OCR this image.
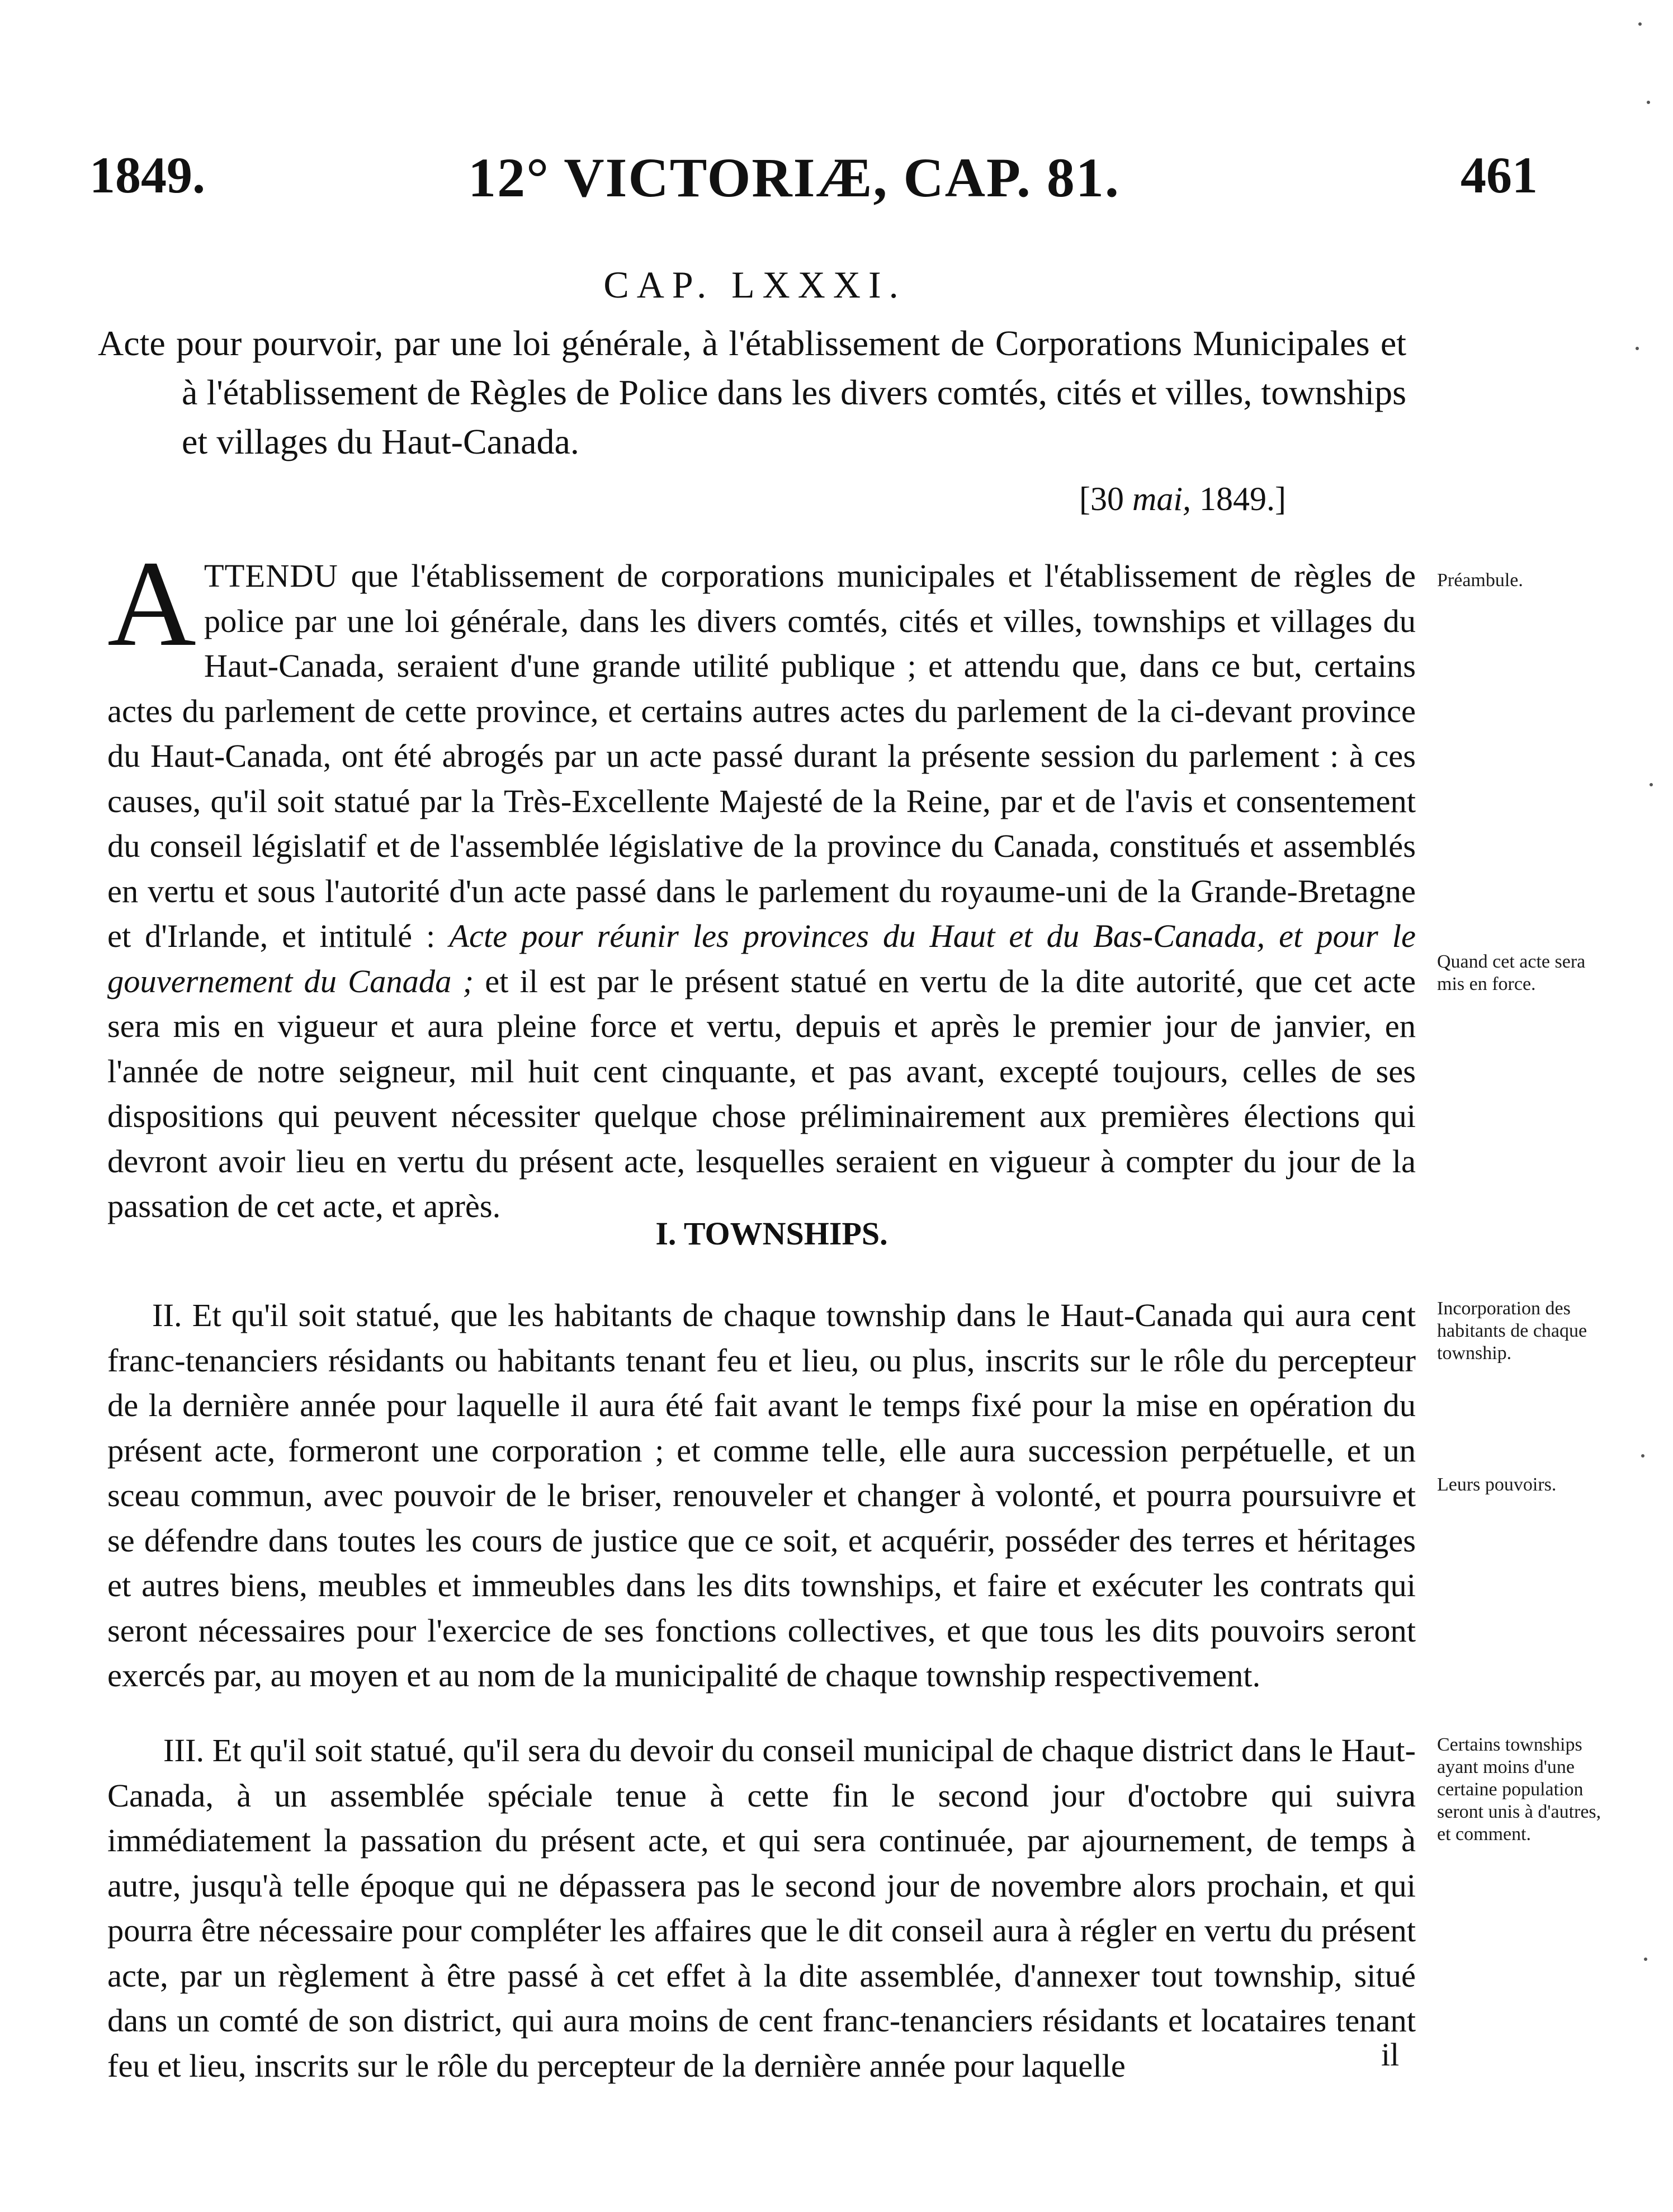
1849.	12° VICTORIÆ, CAP. 81.	461
CAP. LXXXI.
Acte pour pourvoir, par une loi générale, à l'établissement de Corporations Municipales et à l'établissement de Règles de Police dans les divers comtés, cités et villes, townships et villages du Haut-Canada.
[30 mai, 1849.]
ATTENDU que l'établissement de corporations municipales et l'établissement de règles de police par une loi générale, dans les divers comtés, cités et villes, townships et villages du Haut-Canada, seraient d'une grande utilité publique ; et attendu que, dans ce but, certains actes du parlement de cette province, et certains autres actes du parlement de la ci-devant province du Haut-Canada, ont été abrogés par un acte passé durant la présente session du parlement : à ces causes, qu'il soit statué par la Très-Excellente Majesté de la Reine, par et de l'avis et consentement du conseil législatif et de l'assemblée législative de la province du Canada, constitués et assemblés en vertu et sous l'autorité d'un acte passé dans le parlement du royaume-uni de la Grande-Bretagne et d'Irlande, et intitulé : Acte pour réunir les provinces du Haut et du Bas-Canada, et pour le gouvernement du Canada ; et il est par le présent statué en vertu de la dite autorité, que cet acte sera mis en vigueur et aura pleine force et vertu, depuis et après le premier jour de janvier, en l'année de notre seigneur, mil huit cent cinquante, et pas avant, excepté toujours, celles de ses dispositions qui peuvent nécessiter quelque chose préliminairement aux premières élections qui devront avoir lieu en vertu du présent acte, lesquelles seraient en vigueur à compter du jour de la passation de cet acte, et après.
I. TOWNSHIPS.
II. Et qu'il soit statué, que les habitants de chaque township dans le Haut-Canada qui aura cent franc-tenanciers résidants ou habitants tenant feu et lieu, ou plus, inscrits sur le rôle du percepteur de la dernière année pour laquelle il aura été fait avant le temps fixé pour la mise en opération du présent acte, formeront une corporation ; et comme telle, elle aura succession perpétuelle, et un sceau commun, avec pouvoir de le briser, renouveler et changer à volonté, et pourra poursuivre et se défendre dans toutes les cours de justice que ce soit, et acquérir, posséder des terres et héritages et autres biens, meubles et immeubles dans les dits townships, et faire et exécuter les contrats qui seront nécessaires pour l'exercice de ses fonctions collectives, et que tous les dits pouvoirs seront exercés par, au moyen et au nom de la municipalité de chaque township respectivement.
III. Et qu'il soit statué, qu'il sera du devoir du conseil municipal de chaque district dans le Haut-Canada, à un assemblée spéciale tenue à cette fin le second jour d'octobre qui suivra immédiatement la passation du présent acte, et qui sera continuée, par ajournement, de temps à autre, jusqu'à telle époque qui ne dépassera pas le second jour de novembre alors prochain, et qui pourra être nécessaire pour compléter les affaires que le dit conseil aura à régler en vertu du présent acte, par un règlement à être passé à cet effet à la dite assemblée, d'annexer tout township, situé dans un comté de son district, qui aura moins de cent franc-tenanciers résidants et locataires tenant feu et lieu, inscrits sur le rôle du percepteur de la dernière année pour laquelle	il
Préambule.
Quand cet acte sera mis en force.
Incorporation des habitants de chaque township.
Leurs pouvoirs.
Certains townships ayant moins d'une certaine population seront unis à d'autres, et comment.
